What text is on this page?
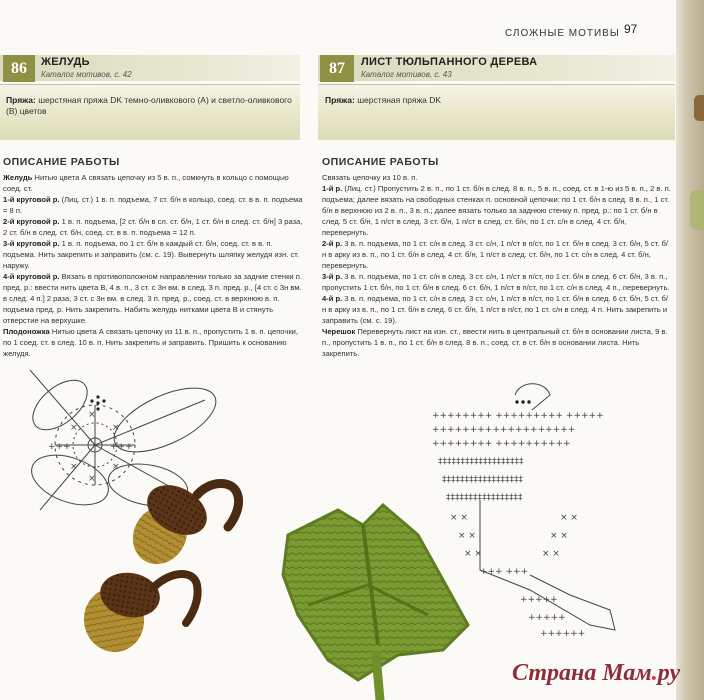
СЛОЖНЫЕ МОТИВЫ 97
86	ЖЕЛУДЬ
Каталог мотивов, с. 42
Пряжа: шерстяная пряжа DK темно-оливкового (А) и светло-оливкового (В) цветов
ОПИСАНИЕ РАБОТЫ

Желудь Нитью цвета А связать цепочку из 5 в. п., сомкнуть в кольцо с помощью соед. ст.

1-й круговой р. (Лиц. ст.) 1 в. п. подъема, 7 ст. б/н в кольцо, соед. ст. в в. п. подъема = 8 п.

2-й круговой р. 1 в. п. подъема, [2 ст. б/н в сл. ст. б/н, 1 ст. б/н в след. ст. б/н] 3 раза, 2 ст. б/н в след. ст. б/н, соед. ст. в в. п. подъема = 12 п.

3-й круговой р. 1 в. п. подъема, по 1 ст. б/н в каждый ст. б/н, соед. ст. в в. п. подъема. Нить закрепить и заправить (см. с. 19). Вывернуть шляпку желудя изн. ст. наружу.

4-й круговой р. Вязать в противоположном направлении только за задние стенки п. пред. р.: ввести нить цвета В, 4 в. п., 3 ст. с 3н вм. в след. 3 п. пред. р., [4 ст. с 3н вм. в след. 4 п.] 2 раза, 3 ст. с 3н вм. в след. 3 п. пред. р., соед. ст. в верхнюю в. п. подъема пред. р. Нить закрепить. Набить желудь нитками цвета В и стянуть отверстие на верхушке.

Плодоножка Нитью цвета А связать цепочку из 11 в. п., пропустить 1 в. п. цепочки, по 1 соед. ст. в след. 10 в. п. Нить закрепить и заправить. Пришить к основанию желудя.

87	ЛИСТ ТЮЛЬПАННОГО ДЕРЕВА
Каталог мотивов, с. 43
Пряжа: шерстяная пряжа DK
ОПИСАНИЕ РАБОТЫ

Связать цепочку из 10 в. п.

1-й р. (Лиц. ст.) Пропустить 2 в. п., по 1 ст. б/н в след. 8 в. п., 5 в. п., соед. ст. в 1-ю из 5 в. п., 2 в. п. подъема; далее вязать на свободных стенках п. основной цепочки: по 1 ст. б/н в след. 8 в. п., 1 ст. б/н в верхнюю из 2 в. п., 3 в. п.; далее вязать только за заднюю стенку п. пред. р.: по 1 ст. б/н в след. 5 ст. б/н, 1 п/ст в след. 3 ст. б/н, 1 п/ст в след. ст. б/н, по 1 ст. с/н в след. 4 ст. б/н, перевернуть.

2-й р. 3 в. п. подъема, по 1 ст. с/н в след. 3 ст. с/н, 1 п/ст в п/ст, по 1 ст. б/н в след. 3 ст. б/н, 5 ст. б/н в арку из в. п., по 1 ст. б/н в след. 4 ст. б/н, 1 п/ст в след. ст. б/н, по 1 ст. с/н в след. 4 ст. б/н, перевернуть.

3-й р. 3 в. п. подъема, по 1 ст. с/н в след. 3 ст. с/н, 1 п/ст в п/ст, по 1 ст. б/н в след. 6 ст. б/н, 3 в. п., пропустить 1 ст. б/н, по 1 ст. б/н в след. 6 ст. б/н, 1 п/ст в п/ст, по 1 ст. с/н в след. 4 п., перевернуть.

4-й р. 3 в. п. подъема, по 1 ст. с/н в след. 3 ст. с/н, 1 п/ст в п/ст, по 1 ст. б/н в след. 6 ст. б/н, 5 ст. б/н в арку из в. п., по 1 ст. б/н в след. 6 ст. б/н, 1 п/ст в п/ст, по 1 ст. с/н в след. 4 п. Нить закрепить и заправить (см. с. 19).

Черешок Перевернуть лист на изн. ст., ввести нить в центральный ст. б/н в основании листа, 9 в. п., пропустить 1 в. п., по 1 ст. б/н в след. 8 в. п., соед. ст. в ст. б/н в основании листа. Нить закрепить.

+++	+++
×
×
×	×
×	×
++++++++ +++++++++ +++++
+++++++++++++++++++
++++++++ ++++++++++
‡‡‡‡‡‡‡‡‡‡‡‡‡‡‡‡‡‡‡
‡‡‡‡‡‡‡‡‡‡‡‡‡‡‡‡‡‡
‡‡‡‡‡‡‡‡‡‡‡‡‡‡‡‡‡
× ×	× ×
× ×	× ×
× ×	× ×
+++ +++
+++++
+++++
++++++
Страна Мам.ру
